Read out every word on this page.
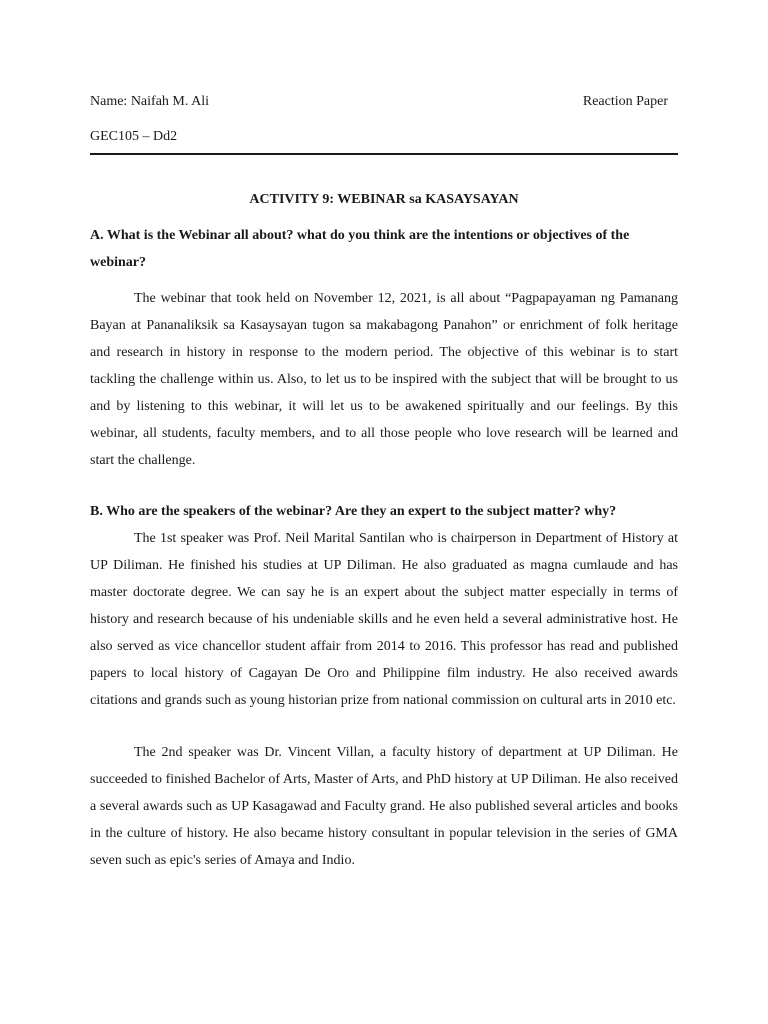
Name: Naifah M. Ali	Reaction Paper
GEC105 – Dd2

ACTIVITY 9: WEBINAR sa KASAYSAYAN

A. What is the Webinar all about? what do you think are the intentions or objectives of the webinar?

The webinar that took held on November 12, 2021, is all about “Pagpapayaman ng Pamanang Bayan at Pananaliksik sa Kasaysayan tugon sa makabagong Panahon” or enrichment of folk heritage and research in history in response to the modern period. The objective of this webinar is to start tackling the challenge within us. Also, to let us to be inspired with the subject that will be brought to us and by listening to this webinar, it will let us to be awakened spiritually and our feelings. By this webinar, all students, faculty members, and to all those people who love research will be learned and start the challenge.

B. Who are the speakers of the webinar? Are they an expert to the subject matter? why?

The 1st speaker was Prof. Neil Marital Santilan who is chairperson in Department of History at UP Diliman. He finished his studies at UP Diliman. He also graduated as magna cumlaude and has master doctorate degree. We can say he is an expert about the subject matter especially in terms of history and research because of his undeniable skills and he even held a several administrative host. He also served as vice chancellor student affair from 2014 to 2016. This professor has read and published papers to local history of Cagayan De Oro and Philippine film industry. He also received awards citations and grands such as young historian prize from national commission on cultural arts in 2010 etc.

The 2nd speaker was Dr. Vincent Villan, a faculty history of department at UP Diliman. He succeeded to finished Bachelor of Arts, Master of Arts, and PhD history at UP Diliman. He also received a several awards such as UP Kasagawad and Faculty grand. He also published several articles and books in the culture of history. He also became history consultant in popular television in the series of GMA seven such as epic's series of Amaya and Indio.
